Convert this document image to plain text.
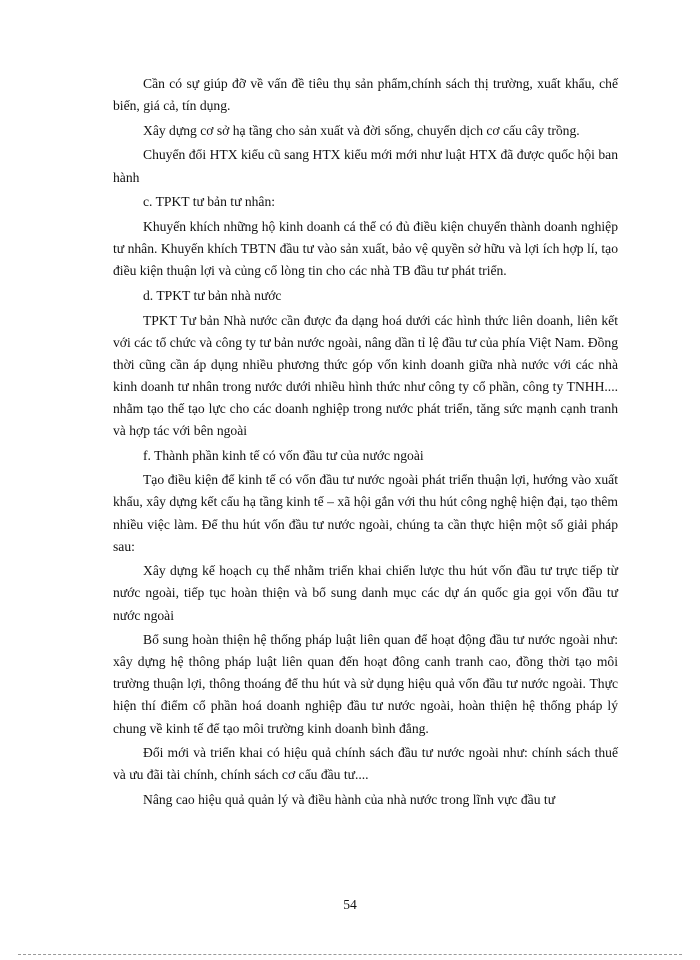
Cần có sự giúp đỡ về vấn đề tiêu thụ sản phẩm,chính sách thị trường, xuất khẩu, chế biến, giá cả, tín dụng.

Xây dựng cơ sở hạ tầng cho sản xuất và đời sống, chuyển dịch cơ cấu cây trồng.

Chuyển đổi HTX kiểu cũ sang HTX kiểu mới mới như luật HTX đã được quốc hội ban hành

c. TPKT tư bản tư nhân:

Khuyến khích những hộ kinh doanh cá thể có đủ điều kiện chuyển thành doanh nghiệp tư nhân. Khuyến khích TBTN đầu tư vào sản xuất, bảo vệ quyền sở hữu và lợi ích hợp lí, tạo điều kiện thuận lợi và củng cố lòng tin cho các nhà TB đầu tư phát triển.

d. TPKT tư bản nhà nước

TPKT Tư bản Nhà nước cần được đa dạng hoá dưới các hình thức liên doanh, liên kết với các tổ chức và công ty tư bản nước ngoài, nâng dần tỉ lệ đầu tư của phía Việt Nam. Đồng thời cũng cần áp dụng nhiều phương thức góp vốn kinh doanh giữa nhà nước với các nhà kinh doanh tư nhân trong nước dưới nhiều hình thức như công ty cổ phần, công ty TNHH.... nhằm tạo thế tạo lực cho các doanh nghiệp trong nước phát triển, tăng sức mạnh cạnh tranh và hợp tác với bên ngoài

f. Thành phần kinh tế có vốn đầu tư của nước ngoài

Tạo điều kiện để kinh tế có vốn đầu tư nước ngoài phát triển thuận lợi, hướng vào xuất khẩu, xây dựng kết cấu hạ tầng kinh tế – xã hội gắn với thu hút công nghệ hiện đại, tạo thêm nhiều việc làm. Để thu hút vốn đầu tư nước ngoài, chúng ta cần thực hiện một số giải pháp sau:

Xây dựng kế hoạch cụ thể nhằm triển khai chiến lược thu hút vốn đầu tư trực tiếp từ nước ngoài, tiếp tục hoàn thiện và bổ sung danh mục các dự án quốc gia gọi vốn đầu tư nước ngoài

Bổ sung hoàn thiện hệ thống pháp luật liên quan để hoạt động đầu tư nước ngoài như: xây dựng hệ thông pháp luật liên quan đến hoạt đông canh tranh cao, đồng thời tạo môi trường thuận lợi, thông thoáng để thu hút và sử dụng hiệu quả vốn đầu tư nước ngoài. Thực hiện thí điểm cổ phần hoá doanh nghiệp đầu tư nước ngoài, hoàn thiện hệ thống pháp lý chung về kinh tế để tạo môi trường kinh doanh bình đẳng.

Đổi mới và triển khai có hiệu quả chính sách đầu tư nước ngoài như: chính sách thuế và ưu đãi tài chính, chính sách cơ cấu đầu tư....

Nâng cao hiệu quả quản lý và điều hành của nhà nước trong lĩnh vực đầu tư

54
